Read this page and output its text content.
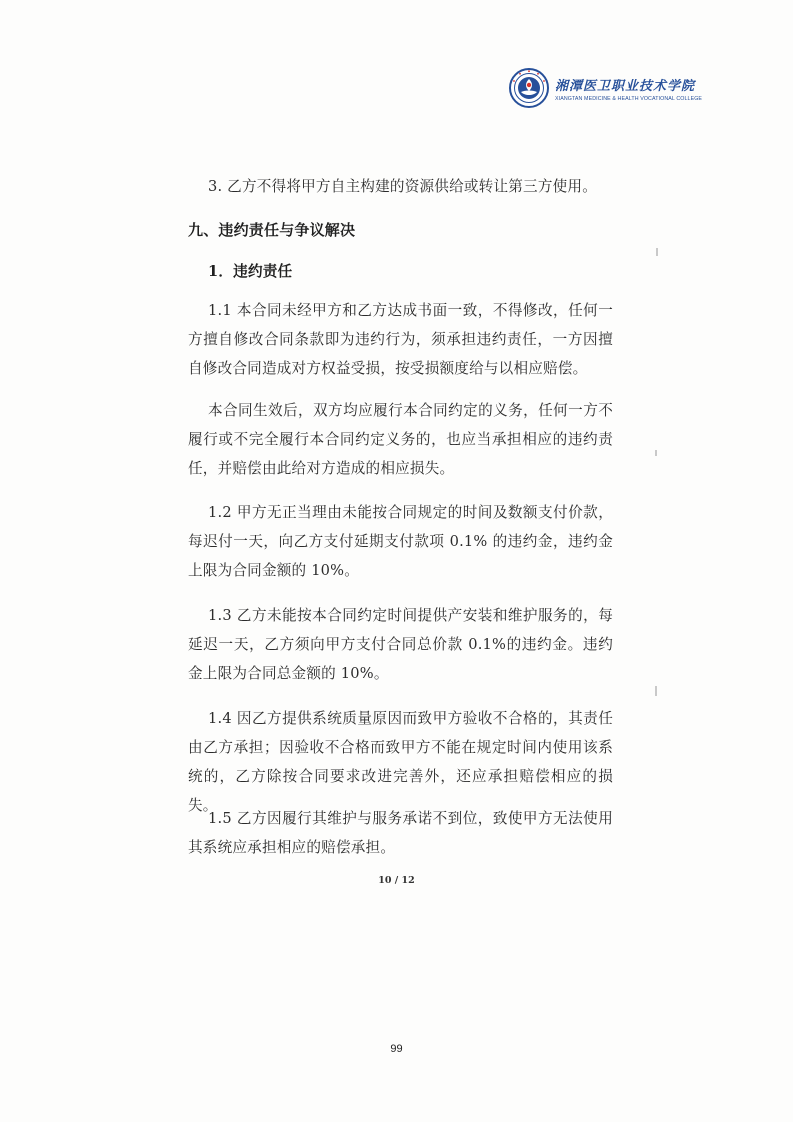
湘潭医卫职业技术学院
XIANGTAN MEDICINE & HEALTH VOCATIONAL COLLEGE

3. 乙方不得将甲方自主构建的资源供给或转让第三方使用。

九、违约责任与争议解决

1．违约责任

1.1 本合同未经甲方和乙方达成书面一致，不得修改，任何一方擅自修改合同条款即为违约行为，须承担违约责任，一方因擅自修改合同造成对方权益受损，按受损额度给与以相应赔偿。

本合同生效后，双方均应履行本合同约定的义务，任何一方不履行或不完全履行本合同约定义务的，也应当承担相应的违约责任，并赔偿由此给对方造成的相应损失。

1.2 甲方无正当理由未能按合同规定的时间及数额支付价款，每迟付一天，向乙方支付延期支付款项 0.1% 的违约金，违约金上限为合同金额的 10%。

1.3 乙方未能按本合同约定时间提供产安装和维护服务的，每延迟一天，乙方须向甲方支付合同总价款 0.1%的违约金。违约金上限为合同总金额的 10%。

1.4 因乙方提供系统质量原因而致甲方验收不合格的，其责任由乙方承担；因验收不合格而致甲方不能在规定时间内使用该系统的，乙方除按合同要求改进完善外，还应承担赔偿相应的损失。

1.5 乙方因履行其维护与服务承诺不到位，致使甲方无法使用其系统应承担相应的赔偿承担。

10 / 12
99
